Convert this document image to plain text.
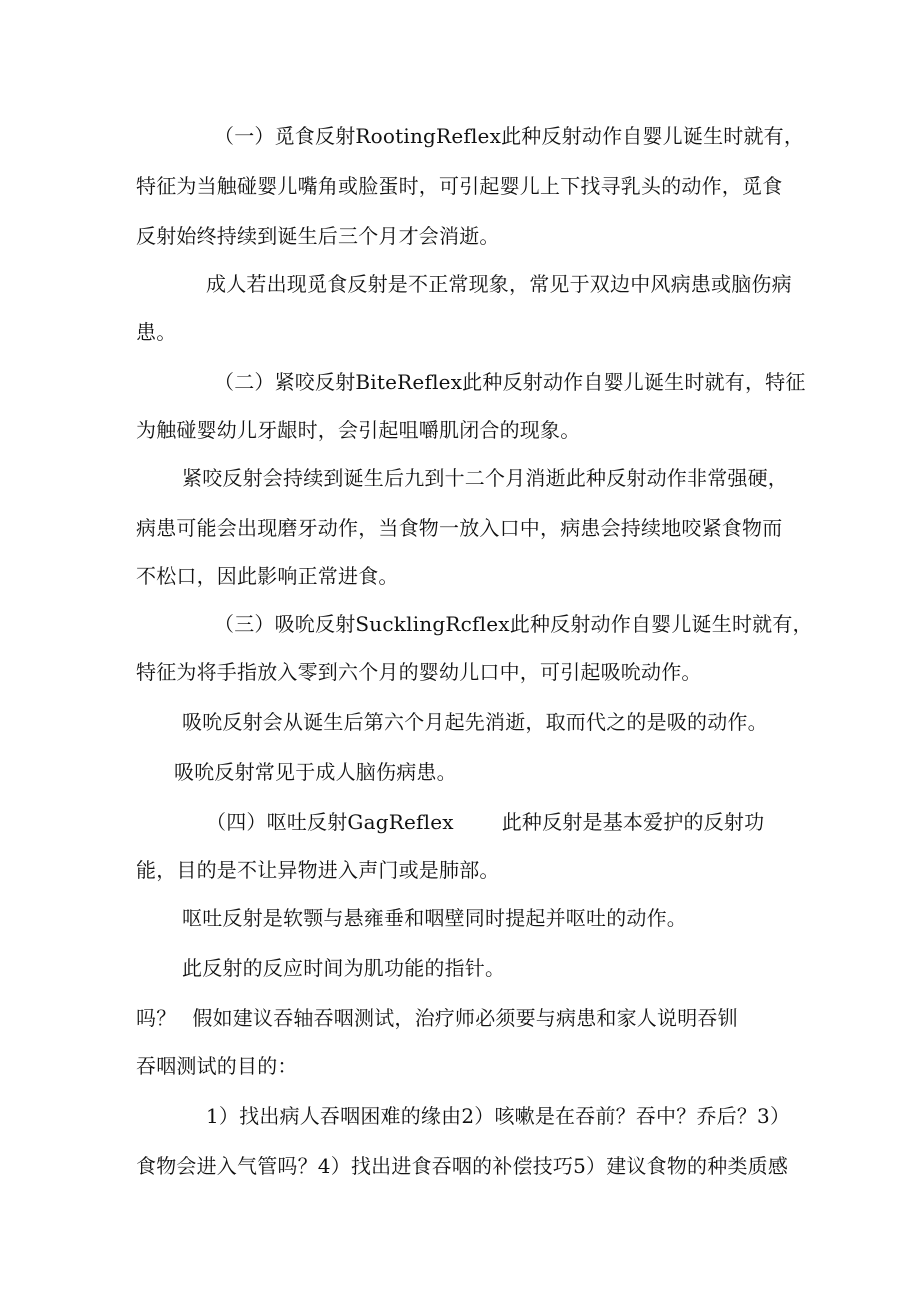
（一）觅食反射RootingReflex此种反射动作自婴儿诞生时就有，
特征为当触碰婴儿嘴角或脸蛋时，可引起婴儿上下找寻乳头的动作，觅食
反射始终持续到诞生后三个月才会消逝。
成人若出现觅食反射是不正常现象，常见于双边中风病患或脑伤病
患。
（二）紧咬反射BiteReflex此种反射动作自婴儿诞生时就有，特征
为触碰婴幼儿牙龈时，会引起咀嚼肌闭合的现象。
紧咬反射会持续到诞生后九到十二个月消逝此种反射动作非常强硬，
病患可能会出现磨牙动作，当食物一放入口中，病患会持续地咬紧食物而
不松口，因此影响正常进食。
（三）吸吮反射SucklingRcflex此种反射动作自婴儿诞生时就有，
特征为将手指放入零到六个月的婴幼儿口中，可引起吸吮动作。
吸吮反射会从诞生后第六个月起先消逝，取而代之的是吸的动作。
吸吮反射常见于成人脑伤病患。
（四）呕吐反射GagReflex 此种反射是基本爱护的反射功
能，目的是不让异物进入声门或是肺部。
呕吐反射是软颚与悬雍垂和咽壁同时提起并呕吐的动作。
此反射的反应时间为肌功能的指针。
吗？ 假如建议吞轴吞咽测试，治疗师必须要与病患和家人说明吞钏
吞咽测试的目的：
1）找出病人吞咽困难的缘由2）咳嗽是在吞前？吞中？乔后？3）
食物会进入气管吗？4）找出进食吞咽的补偿技巧5）建议食物的种类质感
